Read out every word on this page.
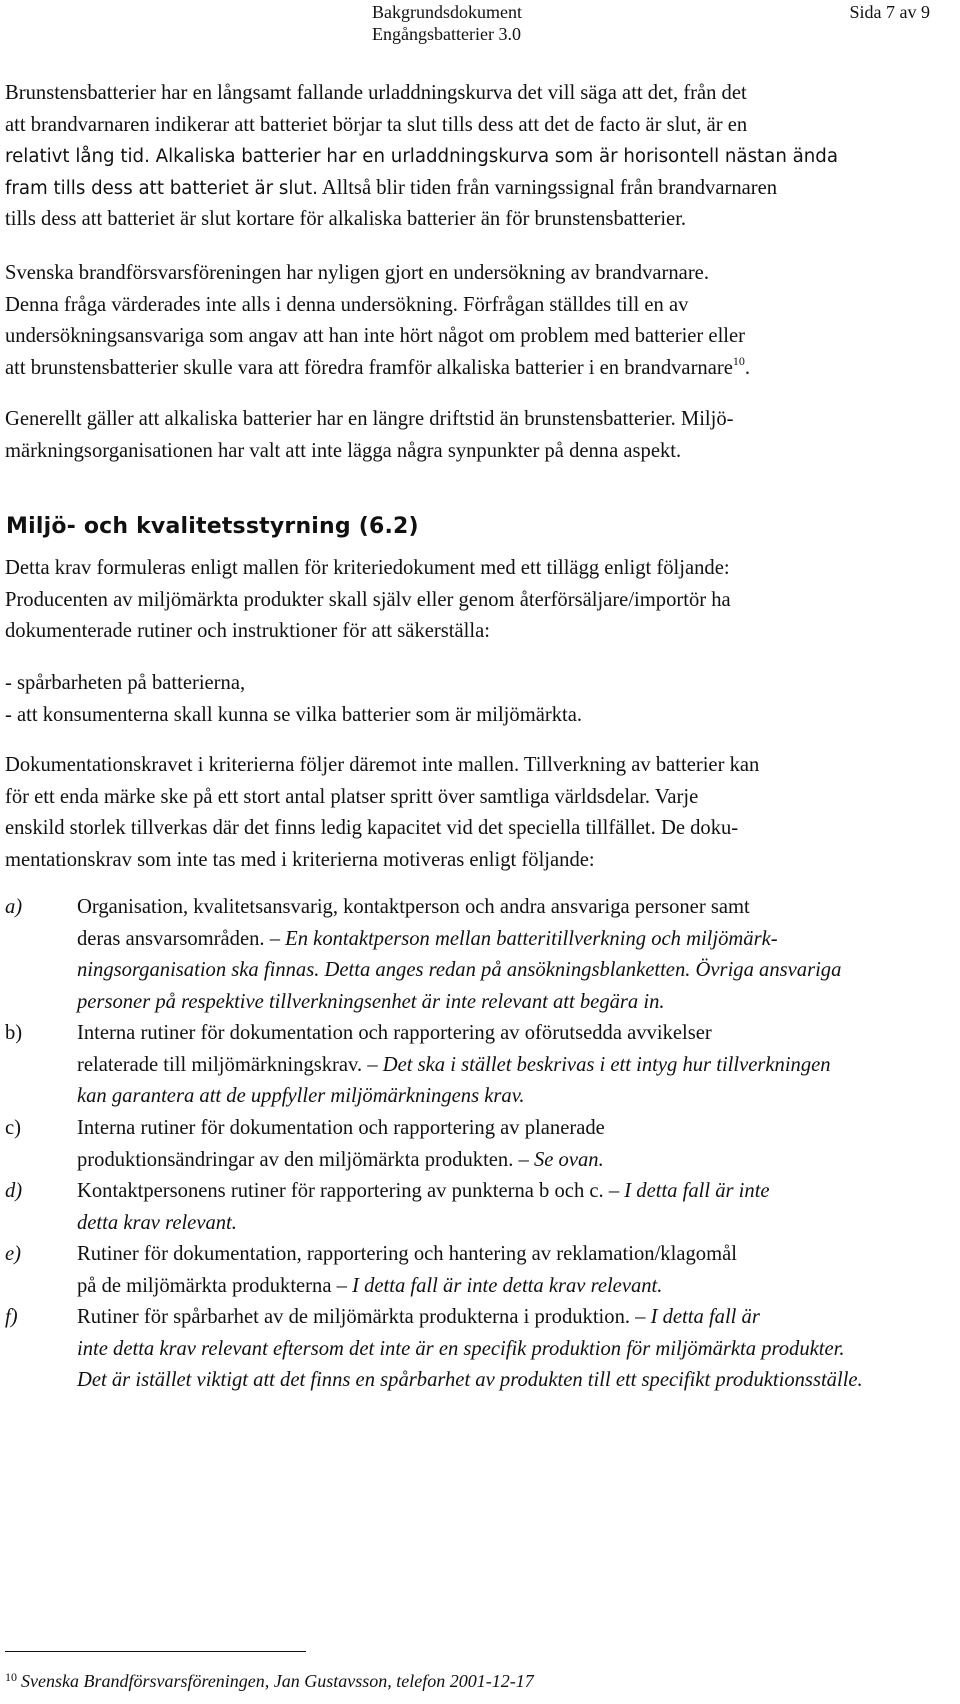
Bakgrundsdokument
Engångsbatterier 3.0
Sida 7 av 9
Brunstensbatterier har en långsamt fallande urladdningskurva det vill säga att det, från det
att brandvarnaren indikerar att batteriet börjar ta slut tills dess att det de facto är slut, är en
relativt lång tid. Alkaliska batterier har en urladdningskurva som är horisontell nästan ända
fram tills dess att batteriet är slut. Alltså blir tiden från varningssignal från brandvarnaren
tills dess att batteriet är slut kortare för alkaliska batterier än för brunstensbatterier.
Svenska brandförsvarsföreningen har nyligen gjort en undersökning av brandvarnare.
Denna fråga värderades inte alls i denna undersökning. Förfrågan ställdes till en av
undersökningsansvariga som angav att han inte hört något om problem med batterier eller
att brunstensbatterier skulle vara att föredra framför alkaliska batterier i en brandvarnare$^{10}$.
Generellt gäller att alkaliska batterier har en längre driftstid än brunstensbatterier. Miljö-
märkningsorganisationen har valt att inte lägga några synpunkter på denna aspekt.
Miljö- och kvalitetsstyrning (6.2)
Detta krav formuleras enligt mallen för kriteriedokument med ett tillägg enligt följande:
Producenten av miljömärkta produkter skall själv eller genom återförsäljare/importör ha
dokumenterade rutiner och instruktioner för att säkerställa:
- spårbarheten på batterierna,
- att konsumenterna skall kunna se vilka batterier som är miljömärkta.
Dokumentationskravet i kriterierna följer däremot inte mallen. Tillverkning av batterier kan
för ett enda märke ske på ett stort antal platser spritt över samtliga världsdelar. Varje
enskild storlek tillverkas där det finns ledig kapacitet vid det speciella tillfället. De doku-
mentationskrav som inte tas med i kriterierna motiveras enligt följande:
a)	Organisation, kvalitetsansvarig, kontaktperson och andra ansvariga personer samt
deras ansvarsområden. – En kontaktperson mellan batteritillverkning och miljömärk-
ningsorganisation ska finnas. Detta anges redan på ansökningsblanketten. Övriga ansvariga
personer på respektive tillverkningsenhet är inte relevant att begära in.
b)	Interna rutiner för dokumentation och rapportering av oförutsedda avvikelser
relaterade till miljömärkningskrav. – Det ska i stället beskrivas i ett intyg hur tillverkningen
kan garantera att de uppfyller miljömärkningens krav.
c)	Interna rutiner för dokumentation och rapportering av planerade
produktionsändringar av den miljömärkta produkten. – Se ovan.
d)	Kontaktpersonens rutiner för rapportering av punkterna b och c. – I detta fall är inte
detta krav relevant.
e)	Rutiner för dokumentation, rapportering och hantering av reklamation/klagomål
på de miljömärkta produkterna – I detta fall är inte detta krav relevant.
f)	Rutiner för spårbarhet av de miljömärkta produkterna i produktion. – I detta fall är
inte detta krav relevant eftersom det inte är en specifik produktion för miljömärkta produkter.
Det är istället viktigt att det finns en spårbarhet av produkten till ett specifikt produktionsställe.
$^{10}$ Svenska Brandförsvarsföreningen, Jan Gustavsson, telefon 2001-12-17
